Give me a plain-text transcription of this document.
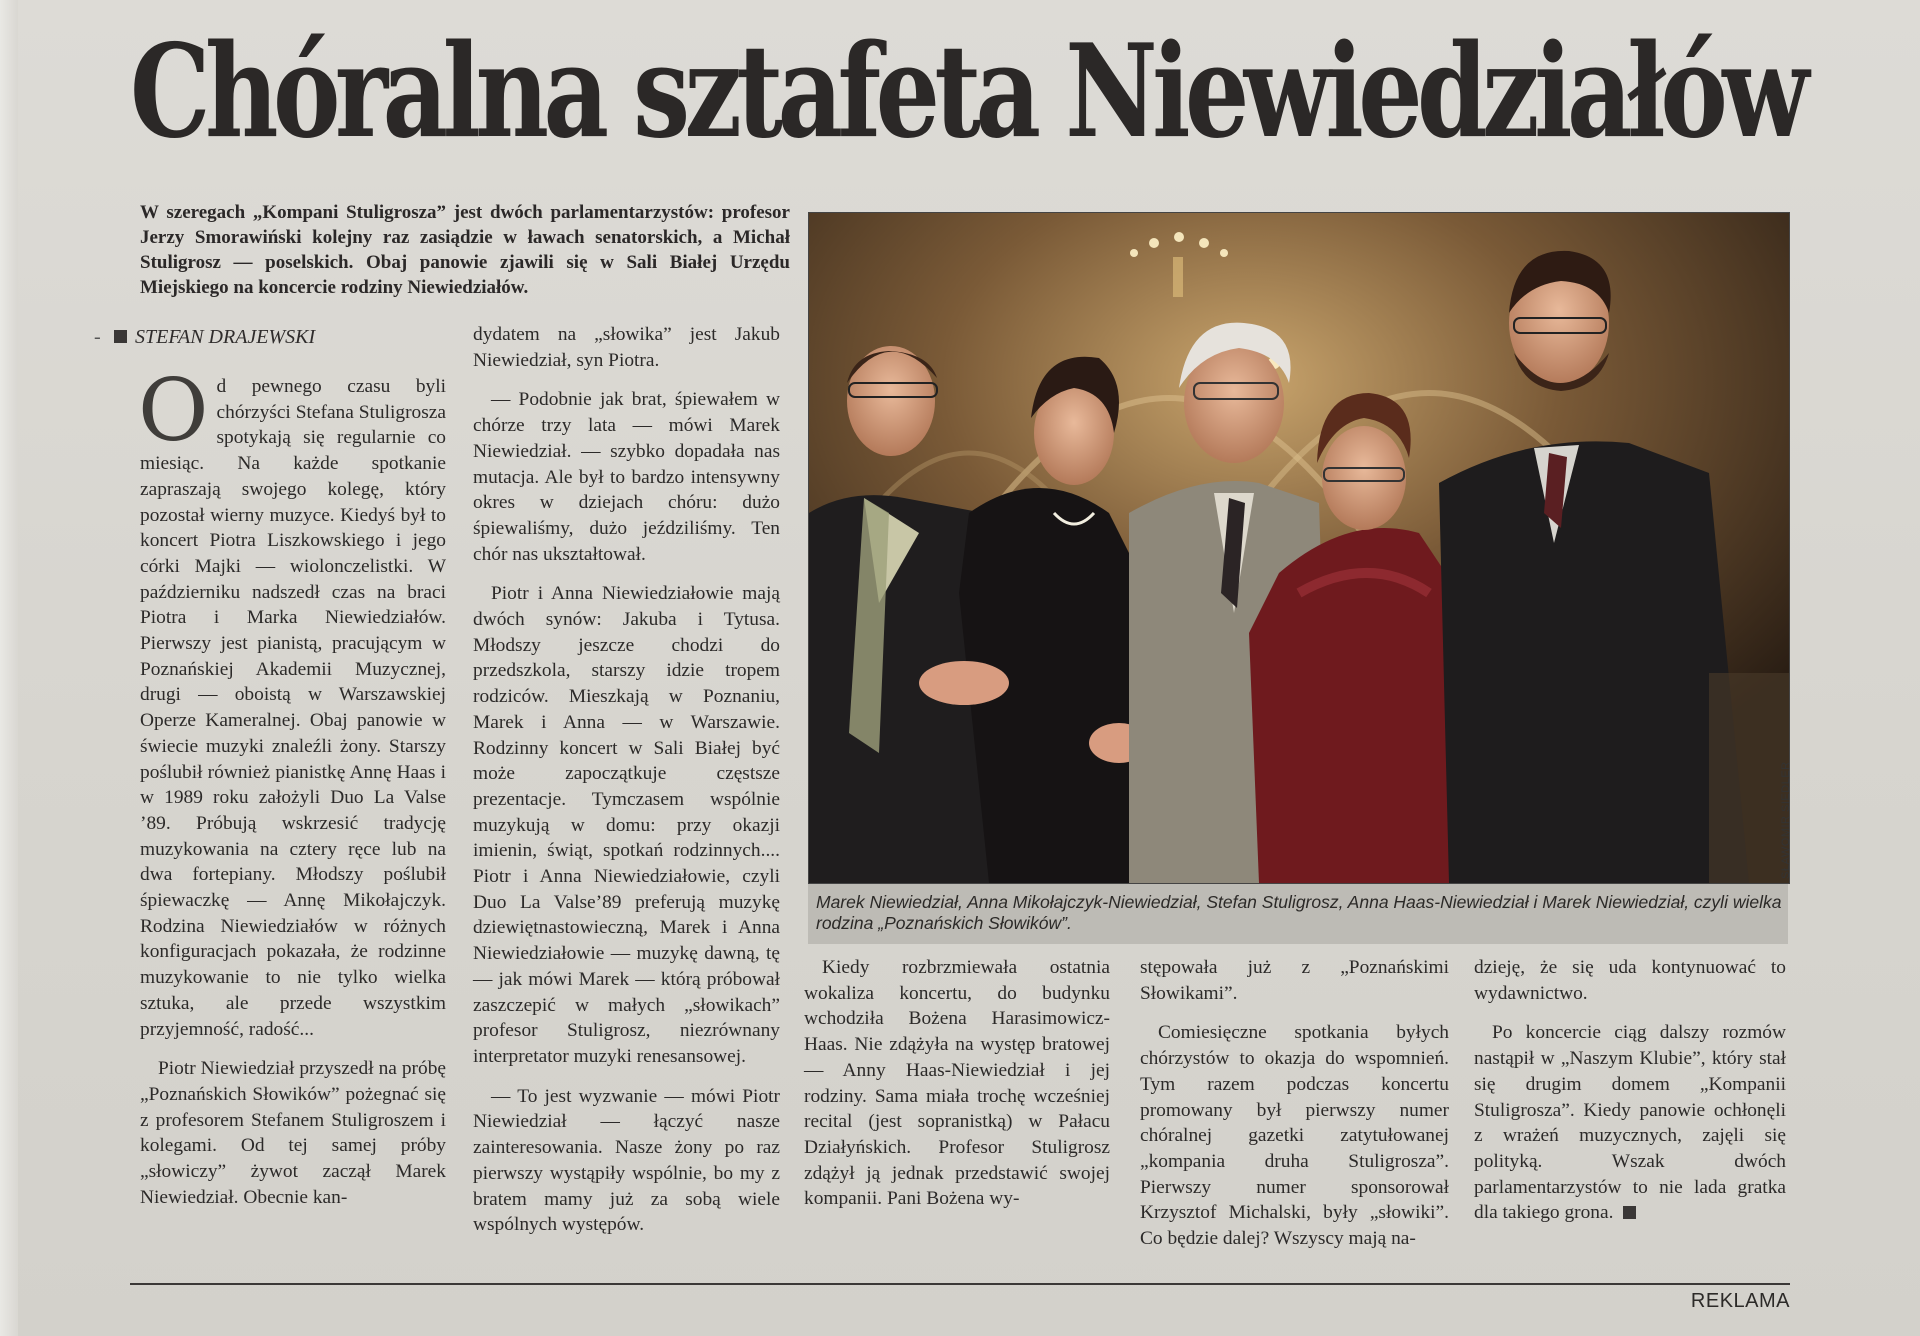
Chóralna sztafeta Niewiedziałów
W szeregach „Kompani Stuligrosza” jest dwóch parlamentarzystów: profesor Jerzy Smorawiński kolejny raz zasiądzie w ławach senatorskich, a Michał Stuligrosz — poselskich. Obaj panowie zjawili się w Sali Białej Urzędu Miejskiego na koncercie rodziny Niewiedziałów.
- STEFAN DRAJEWSKI

Od pewnego czasu byli chórzyści Stefana Stuligrosza spotykają się regularnie co miesiąc. Na każde spotkanie zapraszają swojego kolegę, który pozostał wierny muzyce. Kiedyś był to koncert Piotra Liszkowskiego i jego córki Majki — wiolonczelistki. W październiku nadszedł czas na braci Piotra i Marka Niewiedziałów. Pierwszy jest pianistą, pracującym w Poznańskiej Akademii Muzycznej, drugi — oboistą w Warszawskiej Operze Kameralnej. Obaj panowie w świecie muzyki znaleźli żony. Starszy poślubił również pianistkę Annę Haas i w 1989 roku założyli Duo La Valse ’89. Próbują wskrzesić tradycję muzykowania na cztery ręce lub na dwa fortepiany. Młodszy poślubił śpiewaczkę — Annę Mikołajczyk. Rodzina Niewiedziałów w różnych konfiguracjach pokazała, że rodzinne muzykowanie to nie tylko wielka sztuka, ale przede wszystkim przyjemność, radość...

Piotr Niewiedział przyszedł na próbę „Poznańskich Słowików” pożegnać się z profesorem Stefanem Stuligroszem i kolegami. Od tej samej próby „słowiczy” żywot zaczął Marek Niewiedział. Obecnie kan-

dydatem na „słowika” jest Jakub Niewiedział, syn Piotra.

— Podobnie jak brat, śpiewałem w chórze trzy lata — mówi Marek Niewiedział. — szybko dopadała nas mutacja. Ale był to bardzo intensywny okres w dziejach chóru: dużo śpiewaliśmy, dużo jeździliśmy. Ten chór nas ukształtował.

Piotr i Anna Niewiedziałowie mają dwóch synów: Jakuba i Tytusa. Młodszy jeszcze chodzi do przedszkola, starszy idzie tropem rodziców. Mieszkają w Poznaniu, Marek i Anna — w Warszawie. Rodzinny koncert w Sali Białej być może zapoczątkuje częstsze prezentacje. Tymczasem wspólnie muzykują w domu: przy okazji imienin, świąt, spotkań rodzinnych.... Piotr i Anna Niewiedziałowie, czyli Duo La Valse’89 preferują muzykę dziewiętnastowieczną, Marek i Anna Niewiedziałowie — muzykę dawną, tę — jak mówi Marek — którą próbował zaszczepić w małych „słowikach” profesor Stuligrosz, niezrównany interpretator muzyki renesansowej.

— To jest wyzwanie — mówi Piotr Niewiedział — łączyć nasze zainteresowania. Nasze żony po raz pierwszy wystąpiły wspólnie, bo my z bratem mamy już za sobą wiele wspólnych występów.

SŁAWOMIR SIEDLER
Marek Niewiedział, Anna Mikołajczyk-Niewiedział, Stefan Stuligrosz, Anna Haas-Niewiedział i Marek Niewiedział, czyli wielka rodzina „Poznańskich Słowików”.

Kiedy rozbrzmiewała ostatnia wokaliza koncertu, do budynku wchodziła Bożena Harasimowicz-Haas. Nie zdążyła na występ bratowej — Anny Haas-Niewiedział i jej rodziny. Sama miała trochę wcześniej recital (jest sopranistką) w Pałacu Działyńskich. Profesor Stuligrosz zdążył ją jednak przedstawić swojej kompanii. Pani Bożena wy-

stępowała już z „Poznańskimi Słowikami”.

Comiesięczne spotkania byłych chórzystów to okazja do wspomnień. Tym razem podczas koncertu promowany był pierwszy numer chóralnej gazetki zatytułowanej „kompania druha Stuligrosza”. Pierwszy numer sponsorował Krzysztof Michalski, były „słowiki”. Co będzie dalej? Wszyscy mają na-

dzieję, że się uda kontynuować to wydawnictwo.

Po koncercie ciąg dalszy rozmów nastąpił w „Naszym Klubie”, który stał się drugim domem „Kompanii Stuligrosza”. Kiedy panowie ochłonęli z wrażeń muzycznych, zajęli się polityką. Wszak dwóch parlamentarzystów to nie lada gratka dla takiego grona.

REKLAMA
